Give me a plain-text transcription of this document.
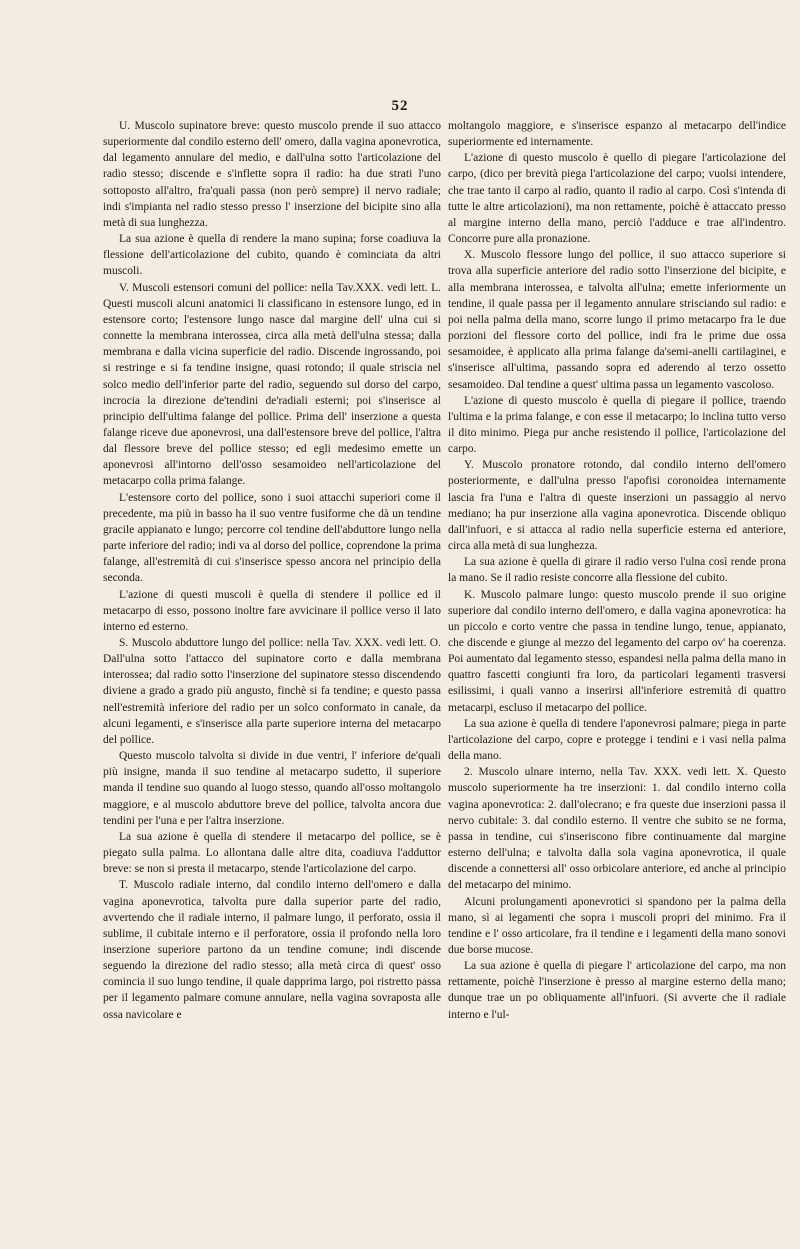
52

U. Muscolo supinatore breve: questo muscolo prende il suo attacco superiormente dal condilo esterno dell' omero, dalla vagina aponevrotica, dal legamento annulare del medio, e dall'ulna sotto l'articolazione del radio stesso; discende e s'inflette sopra il radio: ha due strati l'uno sottoposto all'altro, fra'quali passa (non però sempre) il nervo radiale; indi s'impianta nel radio stesso presso l' inserzione del bicipite sino alla metà di sua lunghezza.

La sua azione è quella di rendere la mano supina; forse coadiuva la flessione dell'articolazione del cubito, quando è cominciata da altri muscoli.

V. Muscoli estensori comuni del pollice: nella Tav.XXX. vedi lett. L. Questi muscoli alcuni anatomici li classificano in estensore lungo, ed in estensore corto; l'estensore lungo nasce dal margine dell' ulna cui si connette la membrana interossea, circa alla metà dell'ulna stessa; dalla membrana e dalla vicina superficie del radio. Discende ingrossando, poi si restringe e si fa tendine insigne, quasi rotondo; il quale striscia nel solco medio dell'inferior parte del radio, seguendo sul dorso del carpo, incrocia la direzione de'tendini de'radiali esterni; poi s'inserisce al principio dell'ultima falange del pollice. Prima dell' inserzione a questa falange riceve due aponevrosi, una dall'estensore breve del pollice, l'altra dal flessore breve del pollice stesso; ed egli medesimo emette un aponevrosi all'intorno dell'osso sesamoideo nell'articolazione del metacarpo colla prima falange.

L'estensore corto del pollice, sono i suoi attacchi superiori come il precedente, ma più in basso ha il suo ventre fusiforme che dà un tendine gracile appianato e lungo; percorre col tendine dell'abduttore lungo nella parte inferiore del radio; indi va al dorso del pollice, coprendone la prima falange, all'estremità di cui s'inserisce spesso ancora nel principio della seconda.

L'azione di questi muscoli è quella di stendere il pollice ed il metacarpo di esso, possono inoltre fare avvicinare il pollice verso il lato interno ed esterno.

S. Muscolo abduttore lungo del pollice: nella Tav. XXX. vedi lett. O. Dall'ulna sotto l'attacco del supinatore corto e dalla membrana interossea; dal radio sotto l'inserzione del supinatore stesso discendendo diviene a grado a grado più angusto, finchè si fa tendine; e questo passa nell'estremità inferiore del radio per un solco conformato in canale, da alcuni legamenti, e s'inserisce alla parte superiore interna del metacarpo del pollice.

Questo muscolo talvolta si divide in due ventri, l' inferiore de'quali più insigne, manda il suo tendine al metacarpo sudetto, il superiore manda il tendine suo quando al luogo stesso, quando all'osso moltangolo maggiore, e al muscolo abduttore breve del pollice, talvolta ancora due tendini per l'una e per l'altra inserzione.

La sua azione è quella di stendere il metacarpo del pollice, se è piegato sulla palma. Lo allontana dalle altre dita, coadiuva l'adduttor breve: se non si presta il metacarpo, stende l'articolazione del carpo.

T. Muscolo radiale interno, dal condilo interno dell'omero e dalla vagina aponevrotica, talvolta pure dalla superior parte del radio, avvertendo che il radiale interno, il palmare lungo, il perforato, ossia il sublime, il cubitale interno e il perforatore, ossia il profondo nella loro inserzione superiore partono da un tendine comune; indi discende seguendo la direzione del radio stesso; alla metà circa di quest' osso comincia il suo lungo tendine, il quale dapprima largo, poi ristretto passa per il legamento palmare comune annulare, nella vagina sovraposta alle ossa navicolare e

moltangolo maggiore, e s'inserisce espanzo al metacarpo dell'indice superiormente ed internamente.

L'azione di questo muscolo è quello di piegare l'articolazione del carpo, (dico per brevità piega l'articolazione del carpo; vuolsi intendere, che trae tanto il carpo al radio, quanto il radio al carpo. Così s'intenda di tutte le altre articolazioni), ma non rettamente, poichè è attaccato presso al margine interno della mano, perciò l'adduce e trae all'indentro. Concorre pure alla pronazione.

X. Muscolo flessore lungo del pollice, il suo attacco superiore si trova alla superficie anteriore del radio sotto l'inserzione del bicipite, e alla membrana interossea, e talvolta all'ulna; emette inferiormente un tendine, il quale passa per il legamento annulare strisciando sul radio: e poi nella palma della mano, scorre lungo il primo metacarpo fra le due porzioni del flessore corto del pollice, indi fra le prime due ossa sesamoidee, è applicato alla prima falange da'semi-anelli cartilaginei, e s'inserisce all'ultima, passando sopra ed aderendo al terzo ossetto sesamoideo. Dal tendine a quest' ultima passa un legamento vascoloso.

L'azione di questo muscolo è quella di piegare il pollice, traendo l'ultima e la prima falange, e con esse il metacarpo; lo inclina tutto verso il dito minimo. Piega pur anche resistendo il pollice, l'articolazione del carpo.

Y. Muscolo pronatore rotondo, dal condilo interno dell'omero posteriormente, e dall'ulna presso l'apofisi coronoidea internamente lascia fra l'una e l'altra di queste inserzioni un passaggio al nervo mediano; ha pur inserzione alla vagina aponevrotica. Discende obliquo dall'infuori, e si attacca al radio nella superficie esterna ed anteriore, circa alla metà di sua lunghezza.

La sua azione è quella di girare il radio verso l'ulna così rende prona la mano. Se il radio resiste concorre alla flessione del cubito.

K. Muscolo palmare lungo: questo muscolo prende il suo origine superiore dal condilo interno dell'omero, e dalla vagina aponevrotica: ha un piccolo e corto ventre che passa in tendine lungo, tenue, appianato, che discende e giunge al mezzo del legamento del carpo ov' ha coerenza. Poi aumentato dal legamento stesso, espandesi nella palma della mano in quattro fascetti congiunti fra loro, da particolari legamenti trasversi esilissimi, i quali vanno a inserirsi all'inferiore estremità di quattro metacarpi, escluso il metacarpo del pollice.

La sua azione è quella di tendere l'aponevrosi palmare; piega in parte l'articolazione del carpo, copre e protegge i tendini e i vasi nella palma della mano.

2. Muscolo ulnare interno, nella Tav. XXX. vedi lett. X. Questo muscolo superiormente ha tre inserzioni: 1. dal condilo interno colla vagina aponevrotica: 2. dall'olecrano; e fra queste due inserzioni passa il nervo cubitale: 3. dal condilo esterno. Il ventre che subito se ne forma, passa in tendine, cui s'inseriscono fibre continuamente dal margine esterno dell'ulna; e talvolta dalla sola vagina aponevrotica, il quale discende a connettersi all' osso orbicolare anteriore, ed anche al principio del metacarpo del minimo.

Alcuni prolungamenti aponevrotici si spandono per la palma della mano, sì ai legamenti che sopra i muscoli propri del minimo. Fra il tendine e l' osso articolare, fra il tendine e i legamenti della mano sonovi due borse mucose.

La sua azione è quella di piegare l' articolazione del carpo, ma non rettamente, poichè l'inserzione è presso al margine esterno della mano; dunque trae un po obliquamente all'infuori. (Si avverte che il radiale interno e l'ul-
